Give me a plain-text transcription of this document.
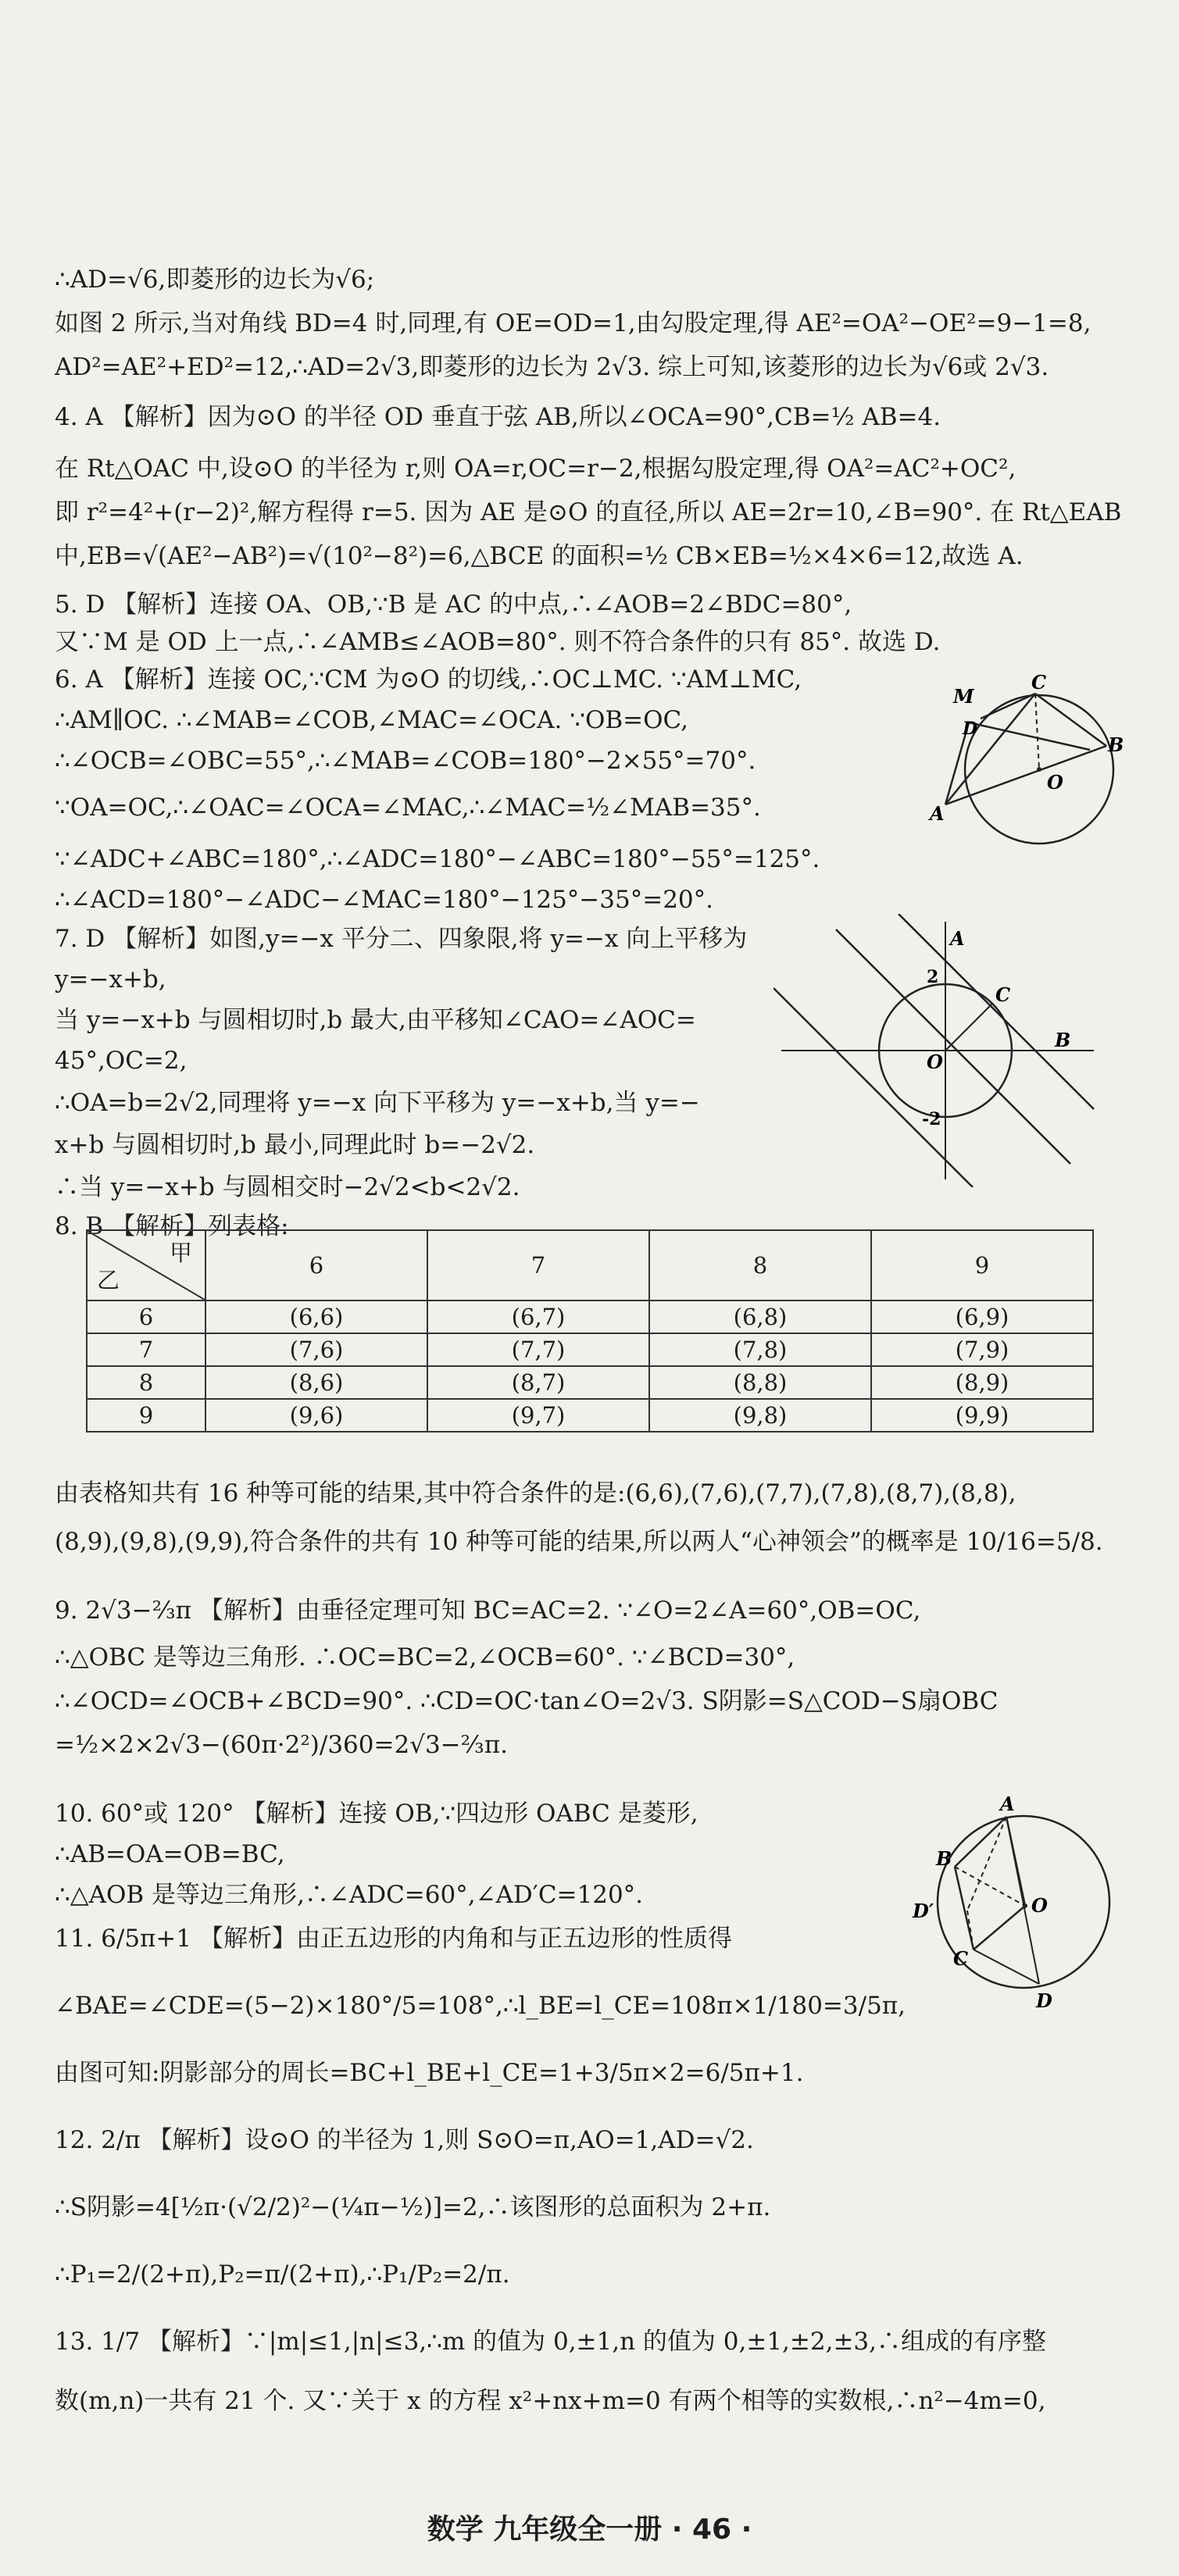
∴AD=√6,即菱形的边长为√6;
如图 2 所示,当对角线 BD=4 时,同理,有 OE=OD=1,由勾股定理,得 AE²=OA²−OE²=9−1=8,
AD²=AE²+ED²=12,∴AD=2√3,即菱形的边长为 2√3. 综上可知,该菱形的边长为√6或 2√3.
4. A 【解析】因为⊙O 的半径 OD 垂直于弦 AB,所以∠OCA=90°,CB=½ AB=4.
在 Rt△OAC 中,设⊙O 的半径为 r,则 OA=r,OC=r−2,根据勾股定理,得 OA²=AC²+OC²,
即 r²=4²+(r−2)²,解方程得 r=5. 因为 AE 是⊙O 的直径,所以 AE=2r=10,∠B=90°. 在 Rt△EAB
中,EB=√(AE²−AB²)=√(10²−8²)=6,△BCE 的面积=½ CB×EB=½×4×6=12,故选 A.
5. D 【解析】连接 OA、OB,∵B 是 AC 的中点,∴∠AOB=2∠BDC=80°,
又∵M 是 OD 上一点,∴∠AMB≤∠AOB=80°. 则不符合条件的只有 85°. 故选 D.
6. A 【解析】连接 OC,∵CM 为⊙O 的切线,∴OC⊥MC. ∵AM⊥MC,
∴AM∥OC. ∴∠MAB=∠COB,∠MAC=∠OCA. ∵OB=OC,
∴∠OCB=∠OBC=55°,∴∠MAB=∠COB=180°−2×55°=70°.
∵OA=OC,∴∠OAC=∠OCA=∠MAC,∴∠MAC=½∠MAB=35°.
∵∠ADC+∠ABC=180°,∴∠ADC=180°−∠ABC=180°−55°=125°.
∴∠ACD=180°−∠ADC−∠MAC=180°−125°−35°=20°.
7. D 【解析】如图,y=−x 平分二、四象限,将 y=−x 向上平移为
y=−x+b,
当 y=−x+b 与圆相切时,b 最大,由平移知∠CAO=∠AOC=
45°,OC=2,
∴OA=b=2√2,同理将 y=−x 向下平移为 y=−x+b,当 y=−
x+b 与圆相切时,b 最小,同理此时 b=−2√2.
∴当 y=−x+b 与圆相交时−2√2<b<2√2.
8. B 【解析】列表格:
由表格知共有 16 种等可能的结果,其中符合条件的是:(6,6),(7,6),(7,7),(7,8),(8,7),(8,8),
(8,9),(9,8),(9,9),符合条件的共有 10 种等可能的结果,所以两人“心神领会”的概率是 10/16=5/8.
9. 2√3−⅔π 【解析】由垂径定理可知 BC=AC=2. ∵∠O=2∠A=60°,OB=OC,
∴△OBC 是等边三角形. ∴OC=BC=2,∠OCB=60°. ∵∠BCD=30°,
∴∠OCD=∠OCB+∠BCD=90°. ∴CD=OC·tan∠O=2√3. S阴影=S△COD−S扇OBC
=½×2×2√3−(60π·2²)/360=2√3−⅔π.
10. 60°或 120° 【解析】连接 OB,∵四边形 OABC 是菱形,
∴AB=OA=OB=BC,
∴△AOB 是等边三角形,∴∠ADC=60°,∠AD′C=120°.
11. 6/5π+1 【解析】由正五边形的内角和与正五边形的性质得
∠BAE=∠CDE=(5−2)×180°/5=108°,∴l_BE=l_CE=108π×1/180=3/5π,
由图可知:阴影部分的周长=BC+l_BE+l_CE=1+3/5π×2=6/5π+1.
12. 2/π 【解析】设⊙O 的半径为 1,则 S⊙O=π,AO=1,AD=√2.
∴S阴影=4[½π·(√2/2)²−(¼π−½)]=2,∴该图形的总面积为 2+π.
∴P₁=2/(2+π),P₂=π/(2+π),∴P₁/P₂=2/π.
13. 1/7 【解析】∵|m|≤1,|n|≤3,∴m 的值为 0,±1,n 的值为 0,±1,±2,±3,∴组成的有序整
数(m,n)一共有 21 个. 又∵关于 x 的方程 x²+nx+m=0 有两个相等的实数根,∴n²−4m=0,
甲
乙	6	7	8	9
6	(6,6)	(6,7)	(6,8)	(6,9)
7	(7,6)	(7,7)	(7,8)	(7,9)
8	(8,6)	(8,7)	(8,8)	(8,9)
9	(9,6)	(9,7)	(9,8)	(9,9)
M
C
B
A
O
D
A
C
B
O
2
-2
A
B
D′	O
C
D
数学 九年级全一册 · 46 ·
